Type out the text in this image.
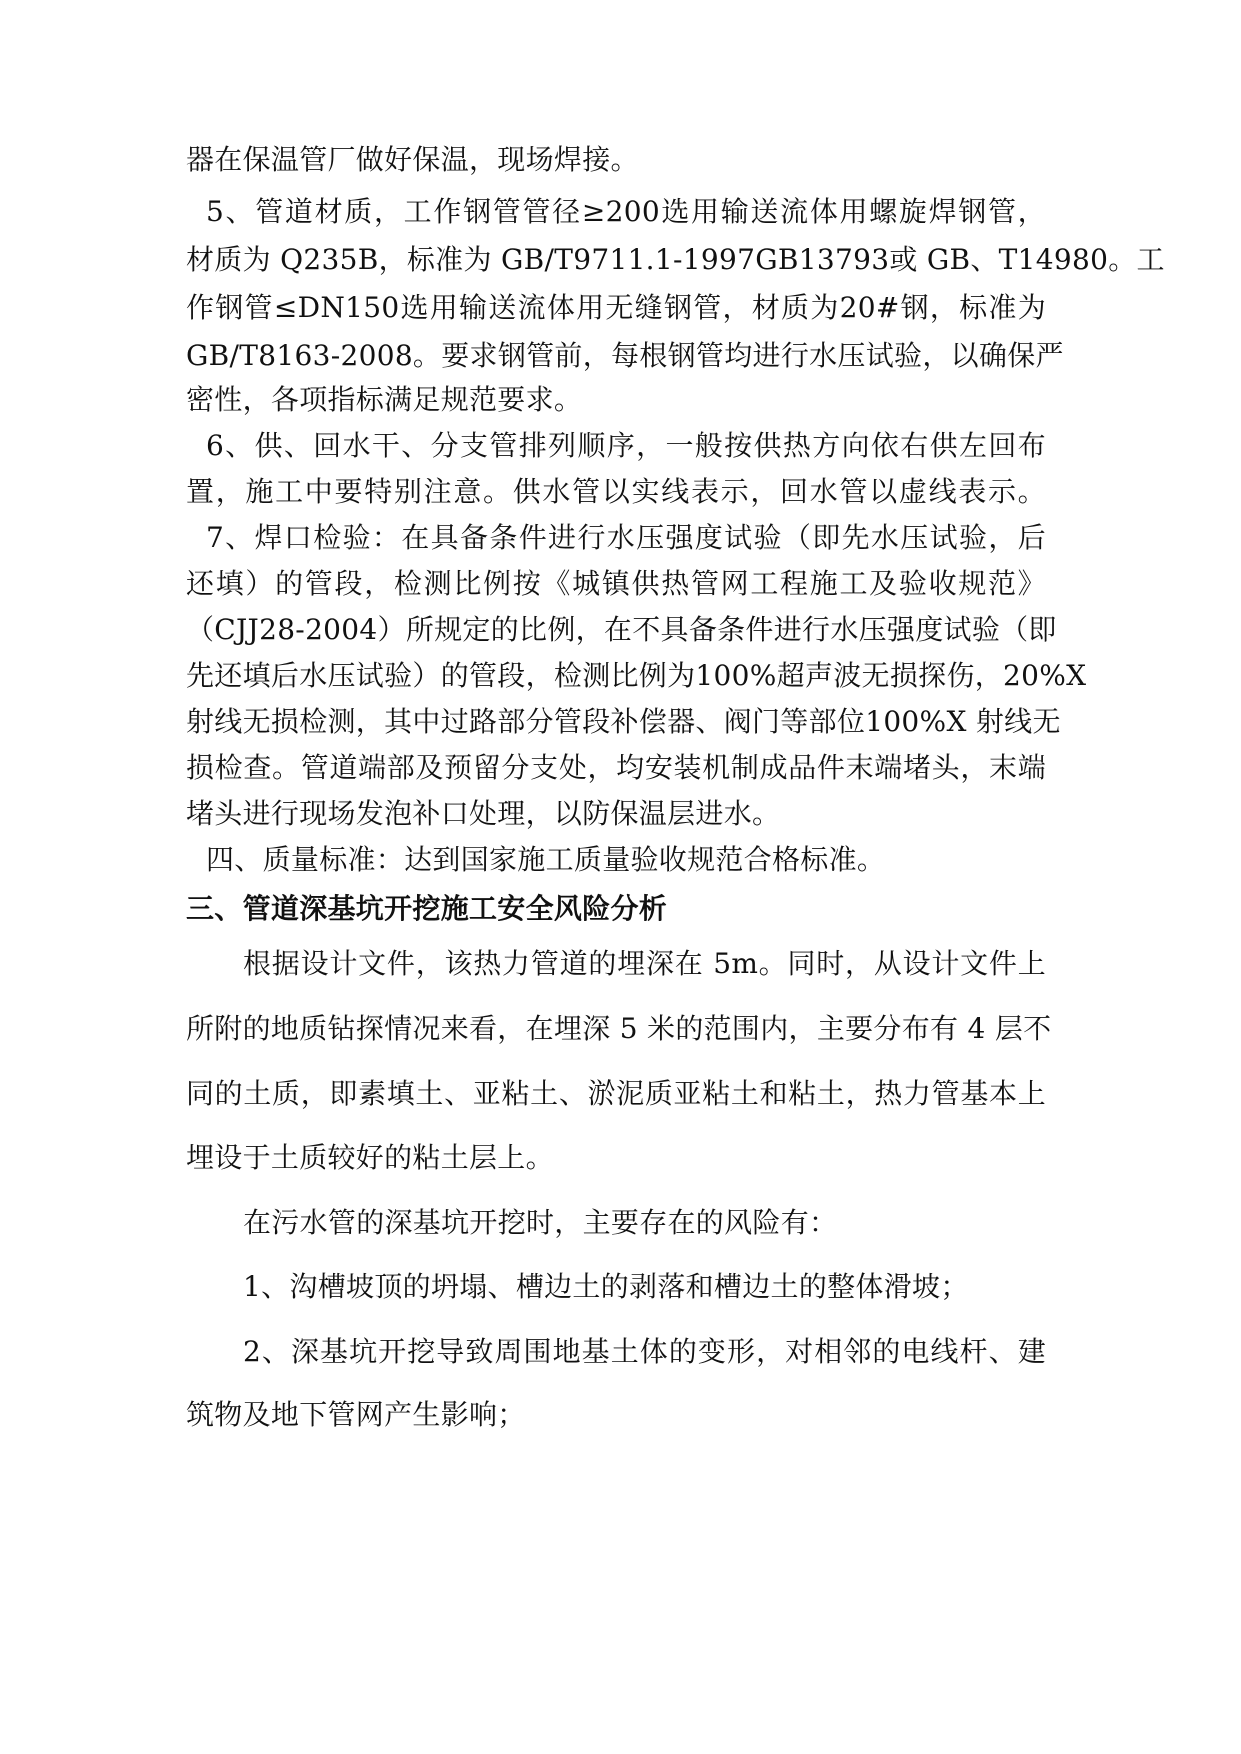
器在保温管厂做好保温，现场焊接。
5、管道材质，工作钢管管径≥200选用输送流体用螺旋焊钢管，
材质为 Q235B，标准为 GB/T9711.1-1997GB13793或 GB、T14980。工
作钢管≤DN150选用输送流体用无缝钢管，材质为20#钢，标准为
GB/T8163-2008。要求钢管前，每根钢管均进行水压试验，以确保严
密性，各项指标满足规范要求。
6、供、回水干、分支管排列顺序，一般按供热方向依右供左回布
置，施工中要特别注意。供水管以实线表示，回水管以虚线表示。
7、焊口检验：在具备条件进行水压强度试验（即先水压试验，后
还填）的管段，检测比例按《城镇供热管网工程施工及验收规范》
（CJJ28-2004）所规定的比例，在不具备条件进行水压强度试验（即
先还填后水压试验）的管段，检测比例为100%超声波无损探伤，20%X
射线无损检测，其中过路部分管段补偿器、阀门等部位100%X 射线无
损检查。管道端部及预留分支处，均安装机制成品件末端堵头，末端
堵头进行现场发泡补口处理，以防保温层进水。
四、质量标准：达到国家施工质量验收规范合格标准。
三、管道深基坑开挖施工安全风险分析
根据设计文件，该热力管道的埋深在 5m。同时，从设计文件上
所附的地质钻探情况来看，在埋深 5 米的范围内，主要分布有 4 层不
同的土质，即素填土、亚粘土、淤泥质亚粘土和粘土，热力管基本上
埋设于土质较好的粘土层上。
在污水管的深基坑开挖时，主要存在的风险有：
1、沟槽坡顶的坍塌、槽边土的剥落和槽边土的整体滑坡；
2、深基坑开挖导致周围地基土体的变形，对相邻的电线杆、建
筑物及地下管网产生影响；
